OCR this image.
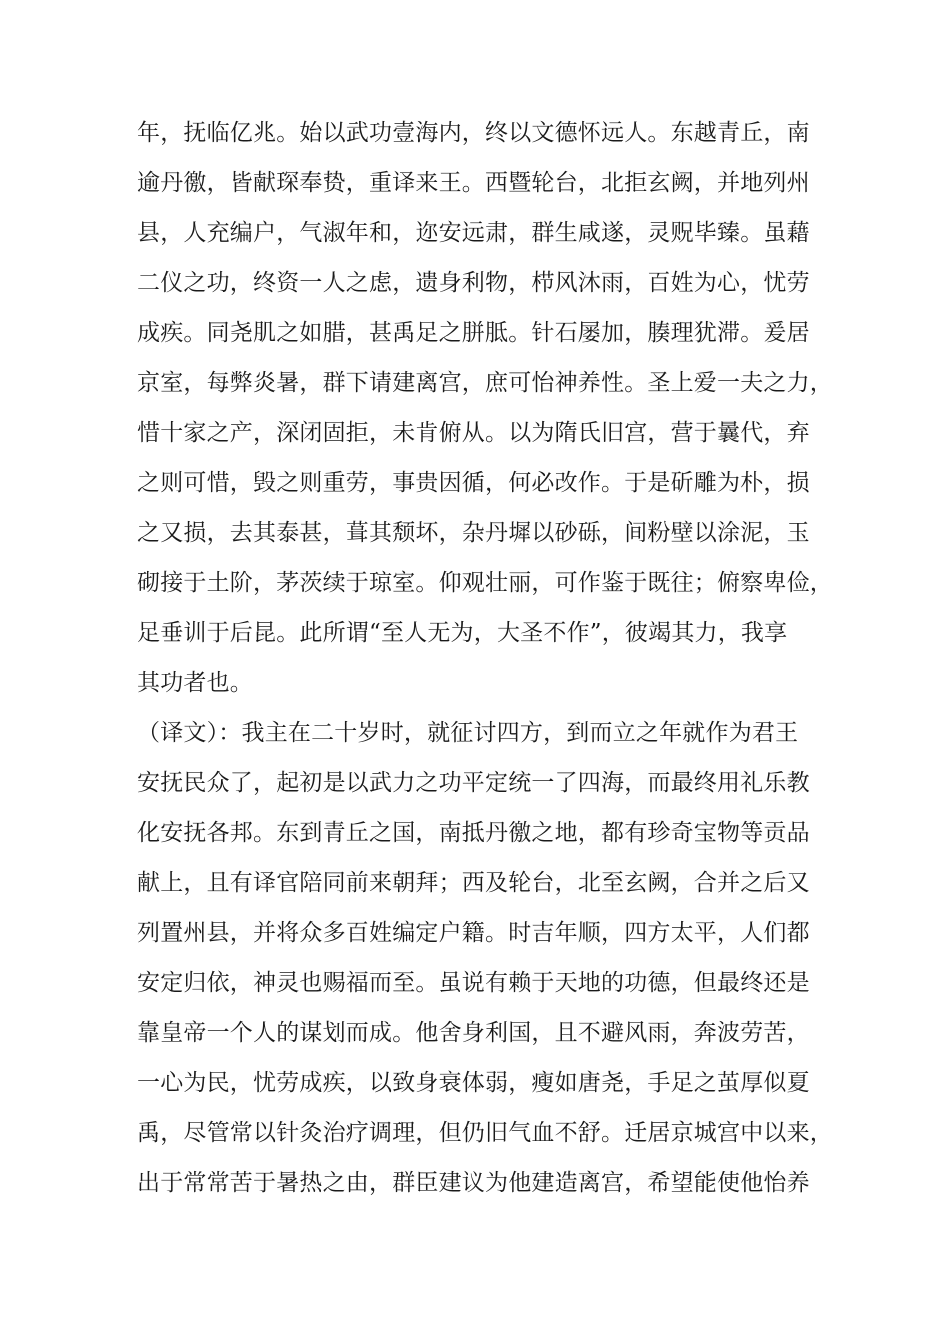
年，抚临亿兆。始以武功壹海内，终以文德怀远人。东越青丘，南
逾丹徼，皆献琛奉贽，重译来王。西暨轮台，北拒玄阙，并地列州
县，人充编户，气淑年和，迩安远肃，群生咸遂，灵贶毕臻。虽藉
二仪之功，终资一人之虑，遗身利物，栉风沐雨，百姓为心，忧劳
成疾。同尧肌之如腊，甚禹足之胼胝。针石屡加，腠理犹滞。爰居
京室，每弊炎暑，群下请建离宫，庶可怡神养性。圣上爱一夫之力，
惜十家之产，深闭固拒，未肯俯从。以为隋氏旧宫，营于曩代，弃
之则可惜，毁之则重劳，事贵因循，何必改作。于是斫雕为朴，损
之又损，去其泰甚，葺其颓坏，杂丹墀以砂砾，间粉壁以涂泥，玉
砌接于土阶，茅茨续于琼室。仰观壮丽，可作鉴于既往；俯察卑俭，
足垂训于后昆。此所谓“至人无为，大圣不作”，彼竭其力，我享
其功者也。
（译文）：我主在二十岁时，就征讨四方，到而立之年就作为君王
安抚民众了，起初是以武力之功平定统一了四海，而最终用礼乐教
化安抚各邦。东到青丘之国，南抵丹徼之地，都有珍奇宝物等贡品
献上，且有译官陪同前来朝拜；西及轮台，北至玄阙，合并之后又
列置州县，并将众多百姓编定户籍。时吉年顺，四方太平，人们都
安定归依，神灵也赐福而至。虽说有赖于天地的功德，但最终还是
靠皇帝一个人的谋划而成。他舍身利国，且不避风雨，奔波劳苦，
一心为民，忧劳成疾，以致身衰体弱，瘦如唐尧，手足之茧厚似夏
禹，尽管常以针灸治疗调理，但仍旧气血不舒。迁居京城宫中以来，
出于常常苦于暑热之由，群臣建议为他建造离宫，希望能使他怡养
